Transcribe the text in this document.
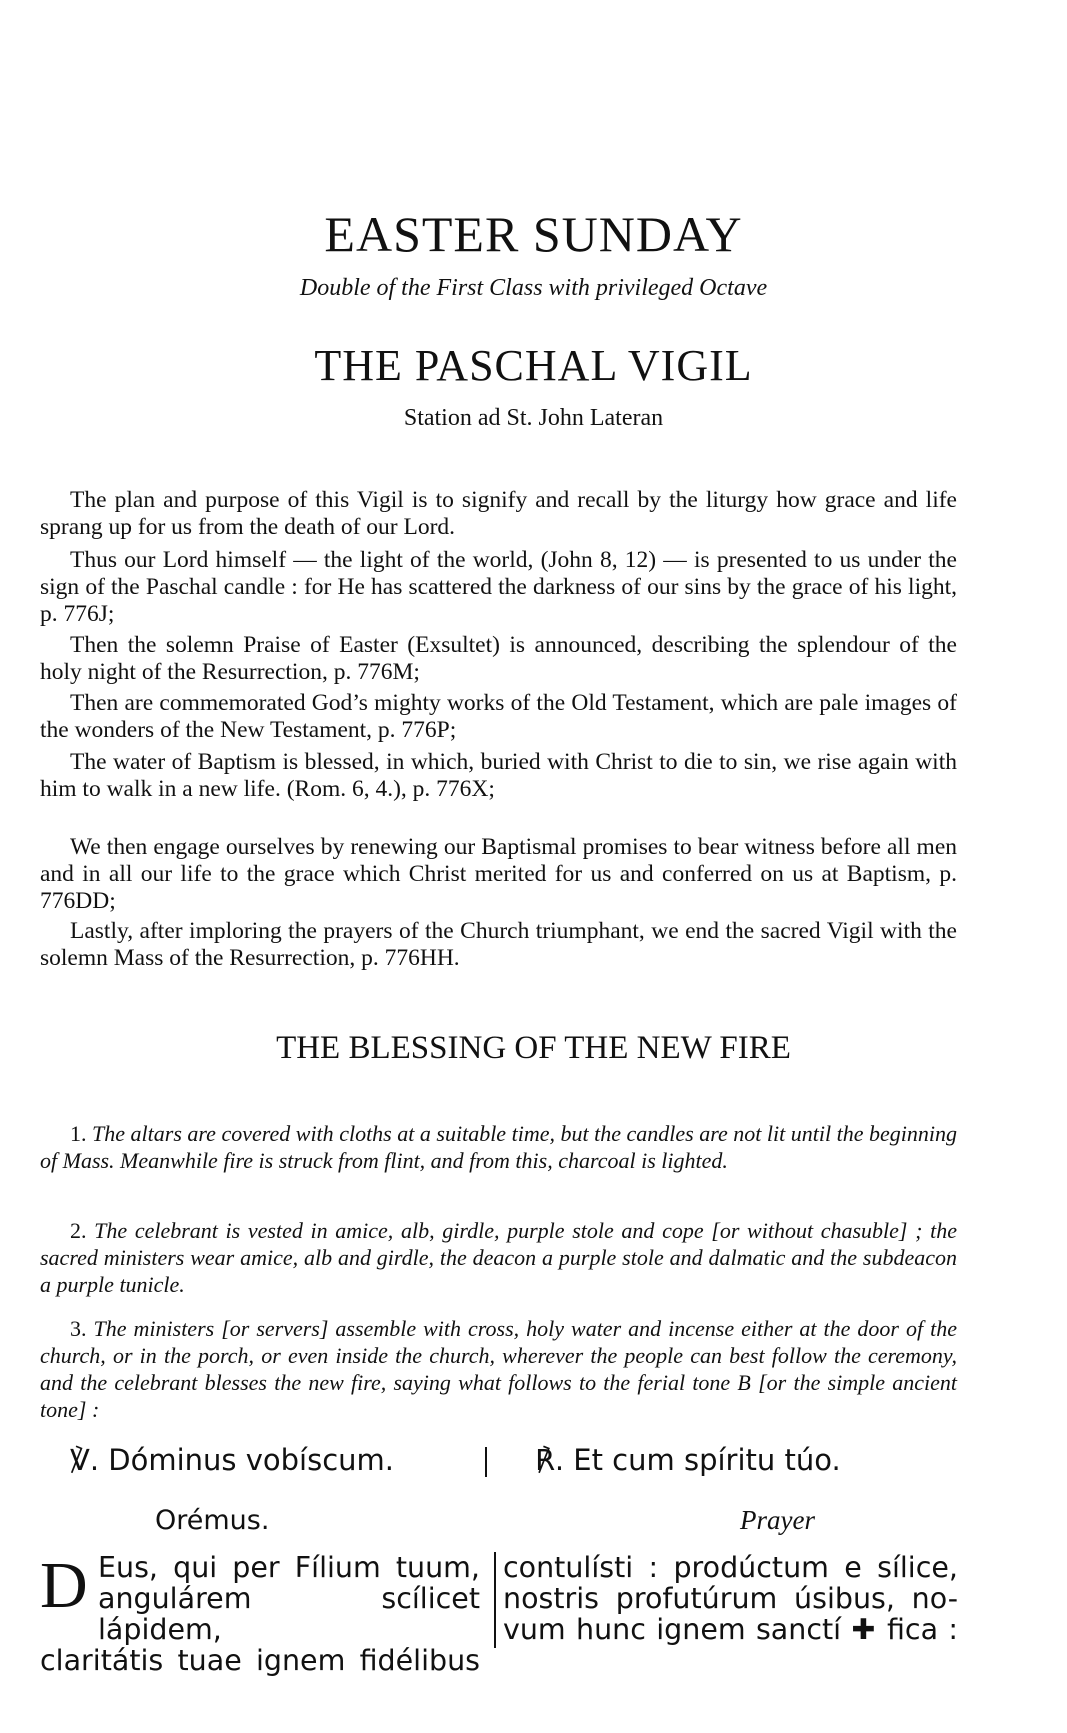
EASTER SUNDAY
Double of the First Class with privileged Octave
THE PASCHAL VIGIL
Station ad St. John Lateran
The plan and purpose of this Vigil is to signify and recall by the liturgy how grace and life sprang up for us from the death of our Lord.
Thus our Lord himself — the light of the world, (John 8, 12) — is presented to us under the sign of the Paschal candle : for He has scattered the darkness of our sins by the grace of his light, p. 776J;
Then the solemn Praise of Easter (Exsultet) is announced, describing the splendour of the holy night of the Resurrection, p. 776M;
Then are commemorated God’s mighty works of the Old Testament, which are pale images of the wonders of the New Testament, p. 776P;
The water of Baptism is blessed, in which, buried with Christ to die to sin, we rise again with him to walk in a new life. (Rom. 6, 4.), p. 776X;
We then engage ourselves by renewing our Baptismal promises to bear witness before all men and in all our life to the grace which Christ merited for us and conferred on us at Baptism, p. 776DD;
Lastly, after imploring the prayers of the Church triumphant, we end the sacred Vigil with the solemn Mass of the Resurrection, p. 776HH.
THE BLESSING OF THE NEW FIRE
1. The altars are covered with cloths at a suitable time, but the candles are not lit until the beginning of Mass. Meanwhile fire is struck from flint, and from this, charcoal is lighted.
2. The celebrant is vested in amice, alb, girdle, purple stole and cope [or without chasuble] ; the sacred ministers wear amice, alb and girdle, the deacon a purple stole and dalmatic and the subdeacon a purple tunicle.
3. The ministers [or servers] assemble with cross, holy water and incense either at the door of the church, or in the porch, or even inside the church, wherever the people can best follow the ceremony, and the celebrant blesses the new fire, saying what follows to the ferial tone B [or the simple ancient tone] :
℣. Dóminus vobíscum.	℟. Et cum spíritu túo.
Orémus.	Prayer
D Eus, qui per Fílium tuum,
angulárem scílicet lápidem,
claritátis tuae ignem fidélibus
contulísti : prodúctum e sílice,
nostris profutúrum úsibus, no-
vum hunc ignem sanctí ✚ fica :
